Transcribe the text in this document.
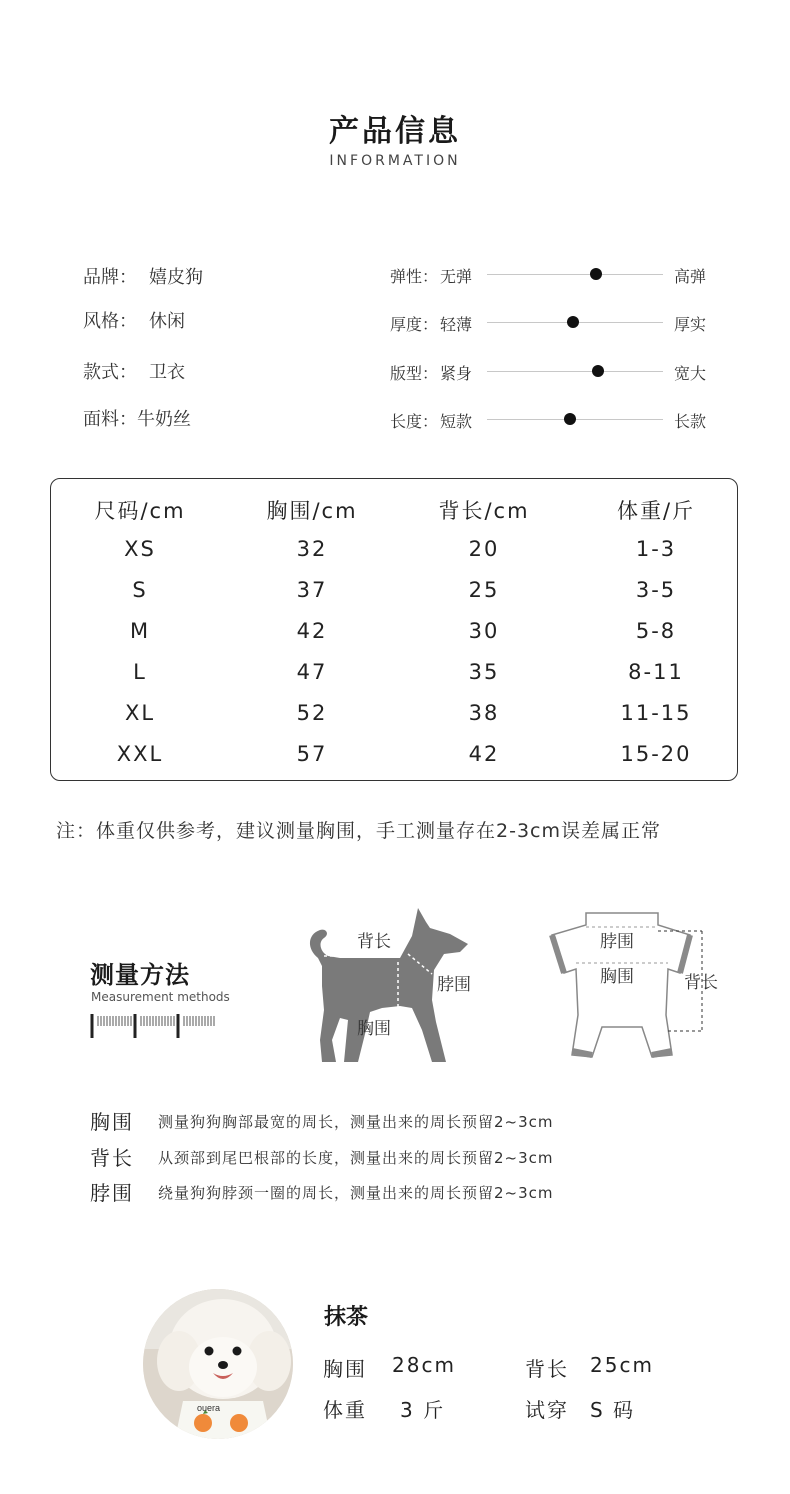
产品信息
INFORMATION
品牌： 嬉皮狗
风格： 休闲
款式： 卫衣
面料：牛奶丝
弹性： 无弹	高弹
厚度： 轻薄	厚实
版型： 紧身	宽大
长度： 短款	长款
尺码/cm	胸围/cm	背长/cm	体重/斤
XS	32	20	1-3
S	37	25	3-5
M	42	30	5-8
L	47	35	8-11
XL	52	38	11-15
XXL	57	42	15-20
注：体重仅供参考，建议测量胸围，手工测量存在2-3cm误差属正常
测量方法
Measurement methods
背长
脖围
胸围
脖围
胸围	背长
胸围 测量狗狗胸部最宽的周长，测量出来的周长预留2~3cm
背长 从颈部到尾巴根部的长度，测量出来的周长预留2~3cm
脖围 绕量狗狗脖颈一圈的周长，测量出来的周长预留2~3cm
ouera
抹茶
胸围 28cm	背长 25cm
体重 3 斤	试穿 S 码
